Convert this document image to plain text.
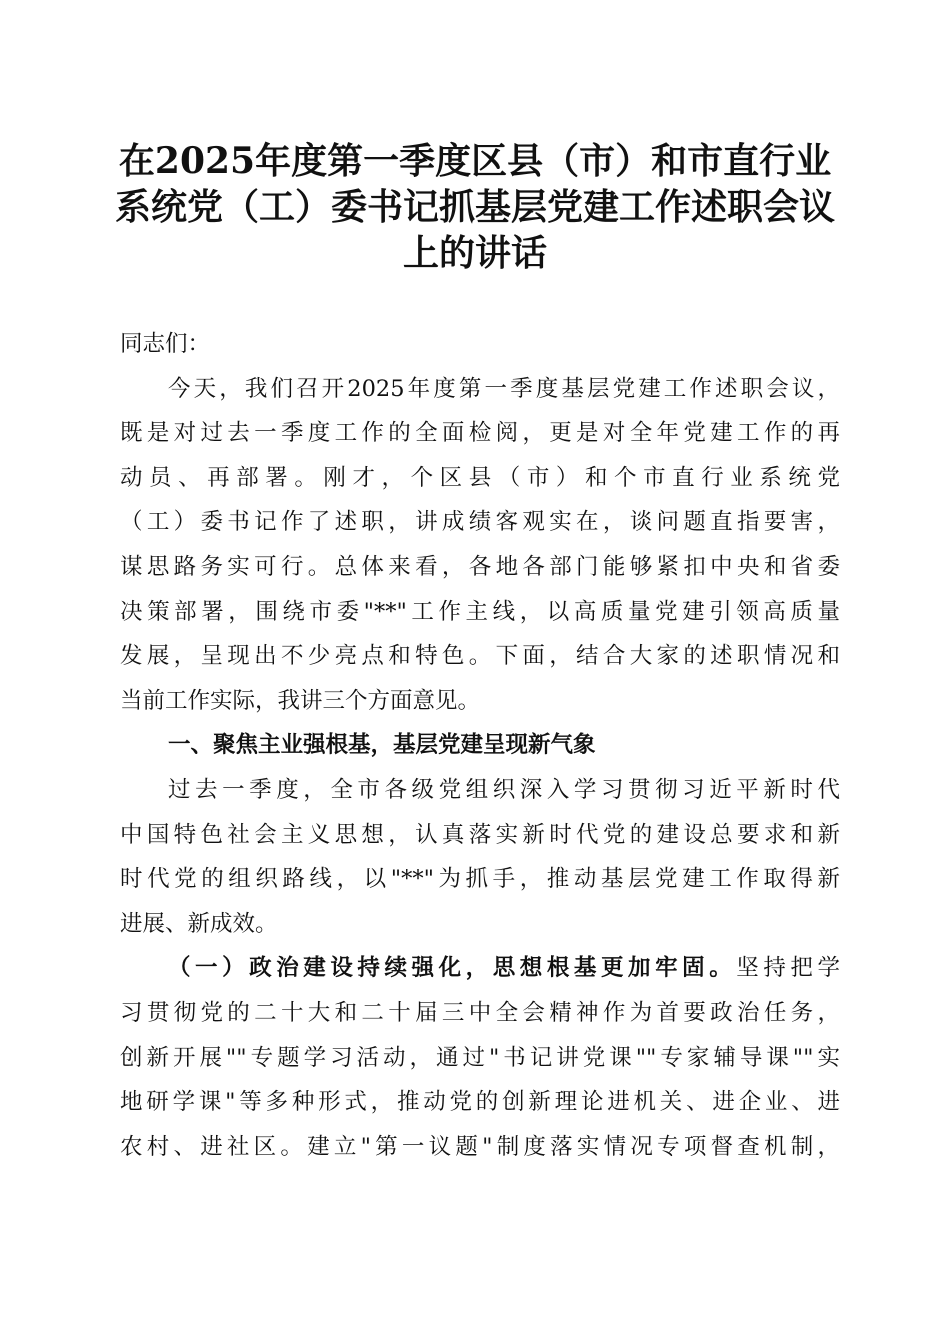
在2025年度第一季度区县（市）和市直行业
系统党（工）委书记抓基层党建工作述职会议
上的讲话
同志们：
今天，我们召开2025年度第一季度基层党建工作述职会议，
既是对过去一季度工作的全面检阅，更是对全年党建工作的再
动员、再部署。刚才，个区县（市）和个市直行业系统党
（工）委书记作了述职，讲成绩客观实在，谈问题直指要害，
谋思路务实可行。总体来看，各地各部门能够紧扣中央和省委
决策部署，围绕市委"**"工作主线，以高质量党建引领高质量
发展，呈现出不少亮点和特色。下面，结合大家的述职情况和
当前工作实际，我讲三个方面意见。
一、聚焦主业强根基，基层党建呈现新气象
过去一季度，全市各级党组织深入学习贯彻习近平新时代
中国特色社会主义思想，认真落实新时代党的建设总要求和新
时代党的组织路线，以"**"为抓手，推动基层党建工作取得新
进展、新成效。
（一）政治建设持续强化，思想根基更加牢固。坚持把学
习贯彻党的二十大和二十届三中全会精神作为首要政治任务，
创新开展""专题学习活动，通过"书记讲党课""专家辅导课""实
地研学课"等多种形式，推动党的创新理论进机关、进企业、进
农村、进社区。建立"第一议题"制度落实情况专项督查机制，
